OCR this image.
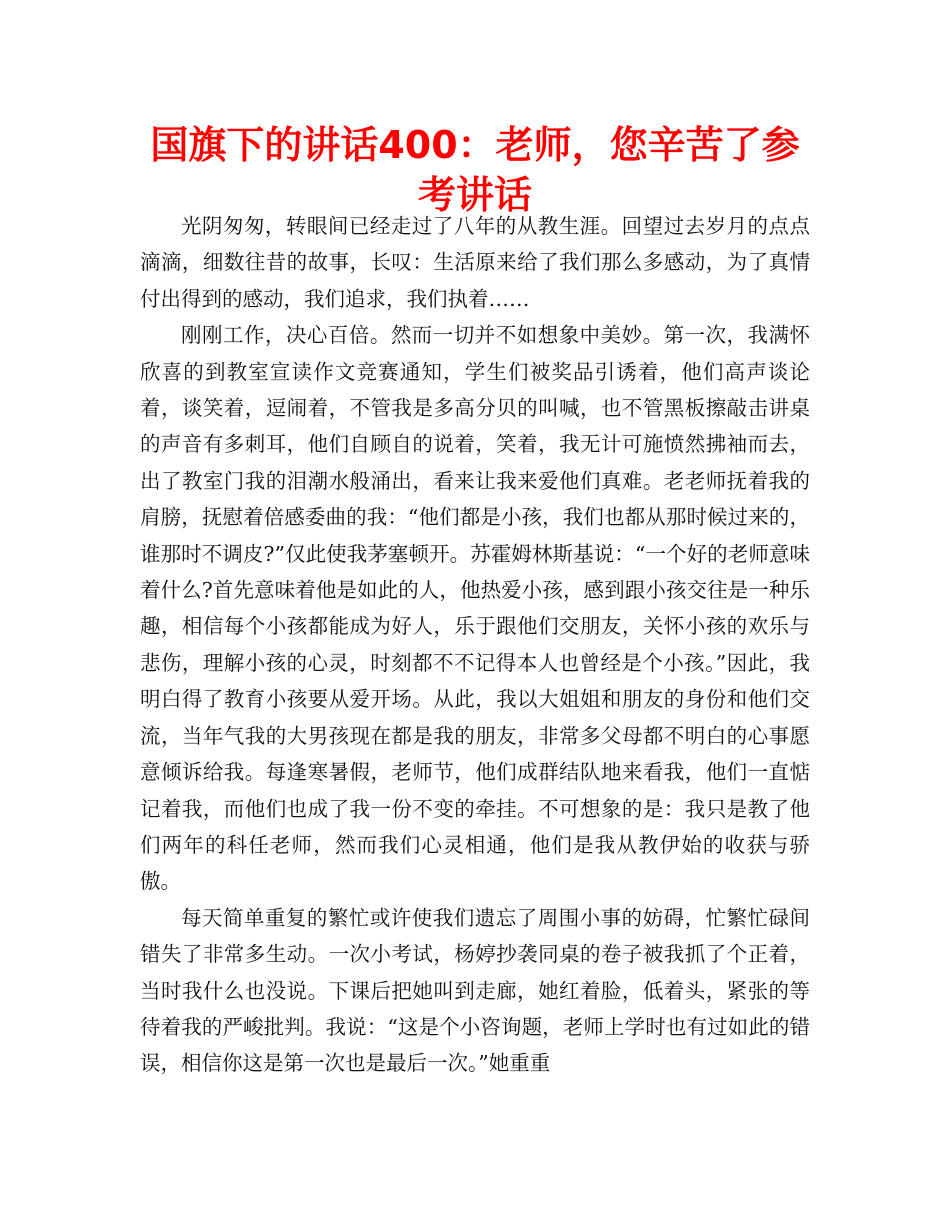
国旗下的讲话400：老师，您辛苦了参考讲话

光阴匆匆，转眼间已经走过了八年的从教生涯。回望过去岁月的点点滴滴，细数往昔的故事，长叹：生活原来给了我们那么多感动，为了真情付出得到的感动，我们追求，我们执着……

刚刚工作，决心百倍。然而一切并不如想象中美妙。第一次，我满怀欣喜的到教室宣读作文竞赛通知，学生们被奖品引诱着，他们高声谈论着，谈笑着，逗闹着，不管我是多高分贝的叫喊，也不管黑板擦敲击讲桌的声音有多刺耳，他们自顾自的说着，笑着，我无计可施愤然拂袖而去，出了教室门我的泪潮水般涌出，看来让我来爱他们真难。老老师抚着我的肩膀，抚慰着倍感委曲的我：“他们都是小孩，我们也都从那时候过来的，谁那时不调皮?”仅此使我茅塞顿开。苏霍姆林斯基说：“一个好的老师意味着什么?首先意味着他是如此的人，他热爱小孩，感到跟小孩交往是一种乐趣，相信每个小孩都能成为好人，乐于跟他们交朋友，关怀小孩的欢乐与悲伤，理解小孩的心灵，时刻都不不记得本人也曾经是个小孩。”因此，我明白得了教育小孩要从爱开场。从此，我以大姐姐和朋友的身份和他们交流，当年气我的大男孩现在都是我的朋友，非常多父母都不明白的心事愿意倾诉给我。每逢寒暑假，老师节，他们成群结队地来看我，他们一直惦记着我，而他们也成了我一份不变的牵挂。不可想象的是：我只是教了他们两年的科任老师，然而我们心灵相通，他们是我从教伊始的收获与骄傲。

每天简单重复的繁忙或许使我们遗忘了周围小事的妨碍，忙繁忙碌间错失了非常多生动。一次小考试，杨婷抄袭同桌的卷子被我抓了个正着，当时我什么也没说。下课后把她叫到走廊，她红着脸，低着头，紧张的等待着我的严峻批判。我说：“这是个小咨询题，老师上学时也有过如此的错误，相信你这是第一次也是最后一次。”她重重
